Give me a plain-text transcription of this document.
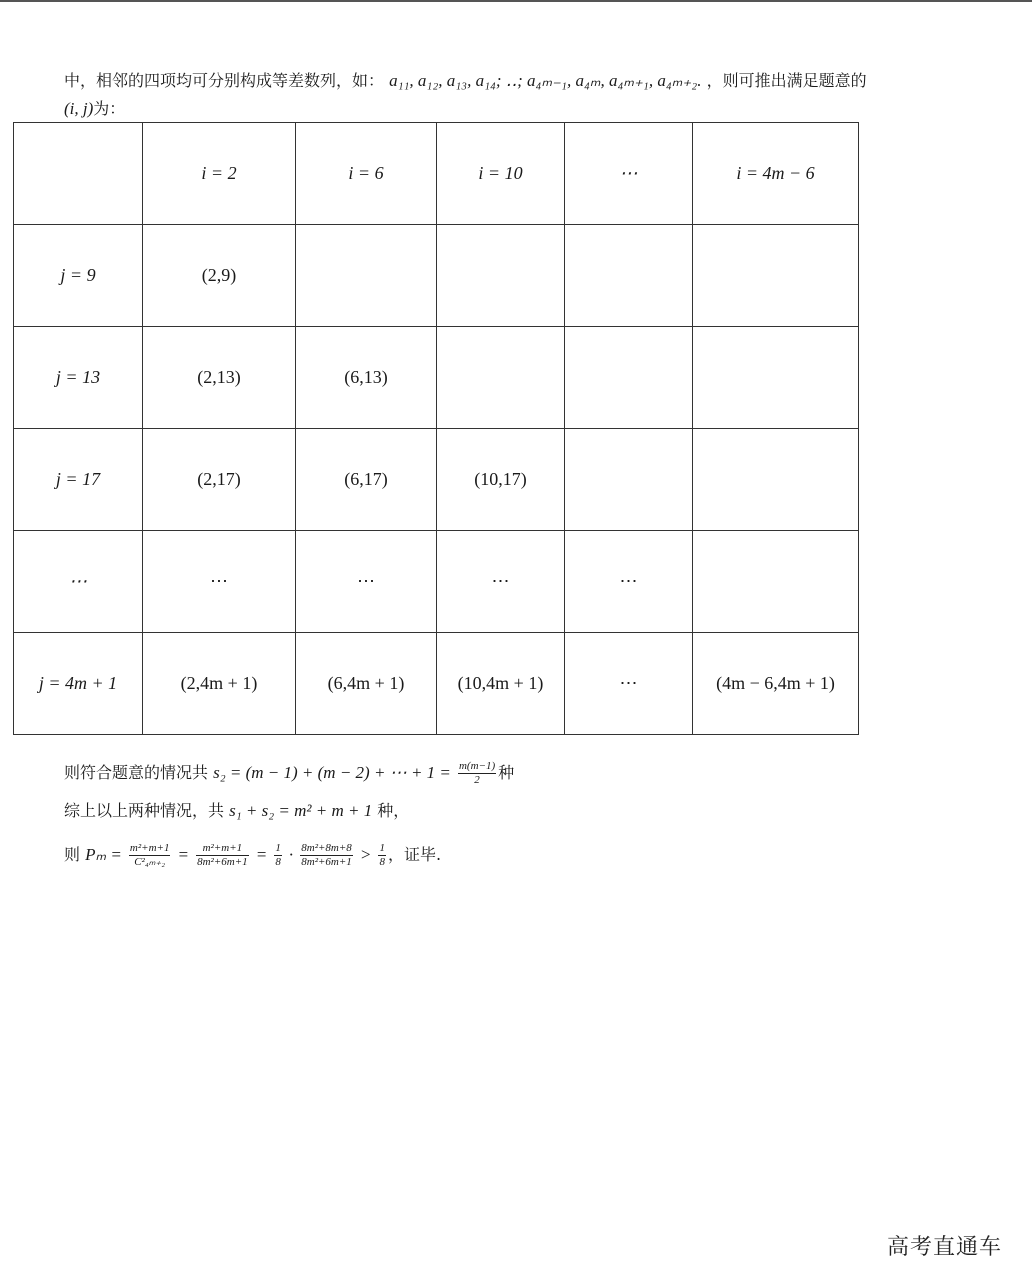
中，相邻的四项均可分别构成等差数列，如： a₁₁, a₁₂, a₁₃, a₁₄; ‥; a₄ₘ₋₁, a₄ₘ, a₄ₘ₊₁, a₄ₘ₊₂. ，则可推出满足题意的
(i, j)为：
	i = 2	i = 6	i = 10	⋯	i = 4m − 6
j = 9	(2,9)				
j = 13	(2,13)	(6,13)			
j = 17	(2,17)	(6,17)	(10,17)		
⋯	⋯	⋯	⋯	⋯	
j = 4m + 1	(2,4m + 1)	(6,4m + 1)	(10,4m + 1)	⋯	(4m − 6,4m + 1)
则符合题意的情况共 s₂ = (m − 1) + (m − 2) + ⋯ + $1 = \frac{m(m-1)}{2}$ 种
综上以上两种情况，共 s₁ + s₂ = m² + m + 1 种，
则 $P_m = \frac{\text{m²+m+1}}{\text{C²₄ₘ₊₂}} = \frac{\text{m²+m+1}}{\text{8m²+6m+1}} = \frac{1}{8} \cdot \frac{\text{8m²+8m+8}}{\text{8m²+6m+1}} > \frac{1}{8}$ ，证毕.
高考直通车
